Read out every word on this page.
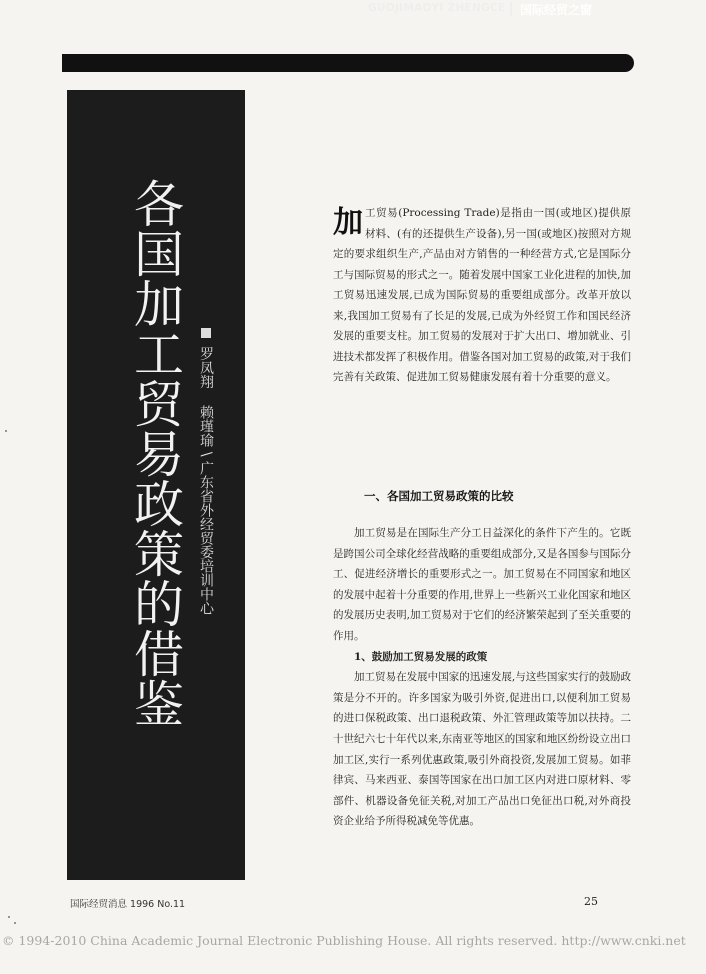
GUOJIMAOYI ZHENGCE 国际经贸之窗
各国加工贸易政策的借鉴 罗凤翔  赖瑾瑜 \ 广东省外经贸委培训中心
加 工贸易(Processing Trade)是指由一国(或地区)提供原材料、(有的还提供生产设备),另一国(或地区)按照对方规定的要求组织生产,产品由对方销售的一种经营方式,它是国际分工与国际贸易的形式之一。随着发展中国家工业化进程的加快,加工贸易迅速发展,已成为国际贸易的重要组成部分。改革开放以来,我国加工贸易有了长足的发展,已成为外经贸工作和国民经济发展的重要支柱。加工贸易的发展对于扩大出口、增加就业、引进技术都发挥了积极作用。借鉴各国对加工贸易的政策,对于我们完善有关政策、促进加工贸易健康发展有着十分重要的意义。

一、各国加工贸易政策的比较

加工贸易是在国际生产分工日益深化的条件下产生的。它既是跨国公司全球化经营战略的重要组成部分,又是各国参与国际分工、促进经济增长的重要形式之一。加工贸易在不同国家和地区的发展中起着十分重要的作用,世界上一些新兴工业化国家和地区的发展历史表明,加工贸易对于它们的经济繁荣起到了至关重要的作用。

1、鼓励加工贸易发展的政策

加工贸易在发展中国家的迅速发展,与这些国家实行的鼓励政策是分不开的。许多国家为吸引外资,促进出口,以便利加工贸易的进口保税政策、出口退税政策、外汇管理政策等加以扶持。二十世纪六七十年代以来,东南亚等地区的国家和地区纷纷设立出口加工区,实行一系列优惠政策,吸引外商投资,发展加工贸易。如菲律宾、马来西亚、泰国等国家在出口加工区内对进口原材料、零部件、机器设备免征关税,对加工产品出口免征出口税,对外商投资企业给予所得税减免等优惠。

国际经贸消息 1996 No.11	25
© 1994-2010 China Academic Journal Electronic Publishing House. All rights reserved. http://www.cnki.net
